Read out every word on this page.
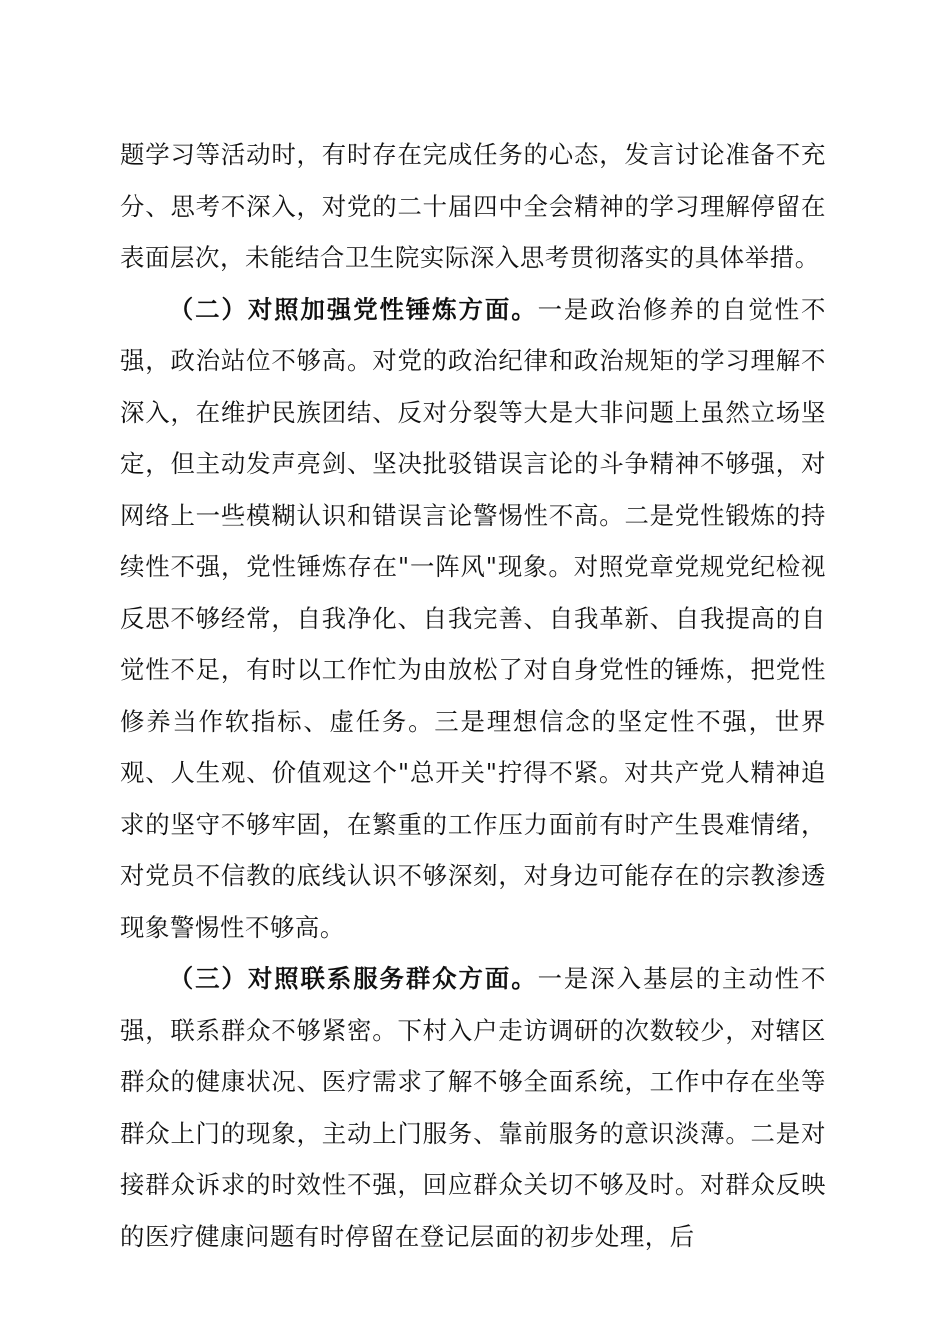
题学习等活动时，有时存在完成任务的心态，发言讨论准备不充分、思考不深入，对党的二十届四中全会精神的学习理解停留在表面层次，未能结合卫生院实际深入思考贯彻落实的具体举措。

（二）对照加强党性锤炼方面。一是政治修养的自觉性不强，政治站位不够高。对党的政治纪律和政治规矩的学习理解不深入，在维护民族团结、反对分裂等大是大非问题上虽然立场坚定，但主动发声亮剑、坚决批驳错误言论的斗争精神不够强，对网络上一些模糊认识和错误言论警惕性不高。二是党性锻炼的持续性不强，党性锤炼存在"一阵风"现象。对照党章党规党纪检视反思不够经常，自我净化、自我完善、自我革新、自我提高的自觉性不足，有时以工作忙为由放松了对自身党性的锤炼，把党性修养当作软指标、虚任务。三是理想信念的坚定性不强，世界观、人生观、价值观这个"总开关"拧得不紧。对共产党人精神追求的坚守不够牢固，在繁重的工作压力面前有时产生畏难情绪，对党员不信教的底线认识不够深刻，对身边可能存在的宗教渗透现象警惕性不够高。

（三）对照联系服务群众方面。一是深入基层的主动性不强，联系群众不够紧密。下村入户走访调研的次数较少，对辖区群众的健康状况、医疗需求了解不够全面系统，工作中存在坐等群众上门的现象，主动上门服务、靠前服务的意识淡薄。二是对接群众诉求的时效性不强，回应群众关切不够及时。对群众反映的医疗健康问题有时停留在登记层面的初步处理，后
